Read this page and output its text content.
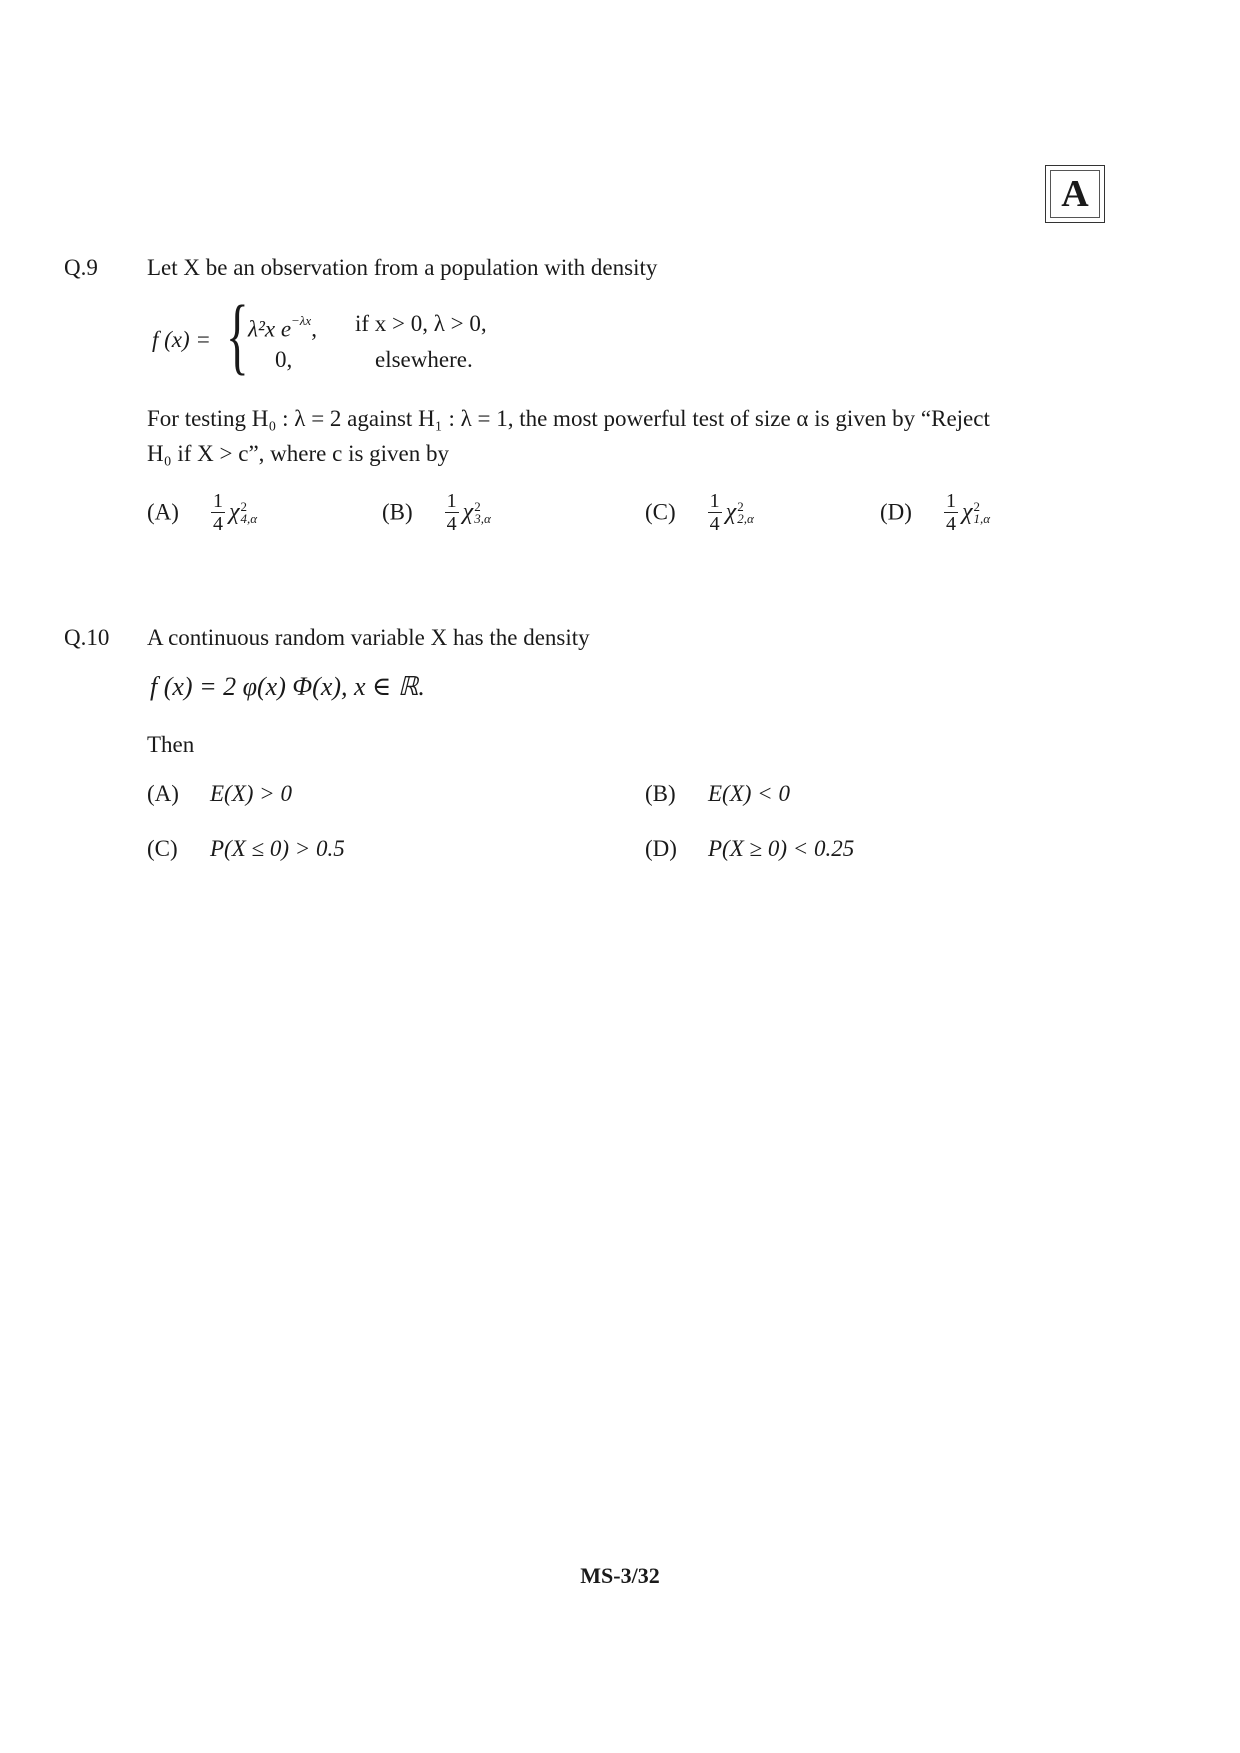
A
Q.9 Let X be an observation from a population with density
f (x) = { λ²x $e^{-\lambda x}$, if x > 0, λ > 0,
0,	elsewhere.
For testing H₀ : λ = 2 against H₁ : λ = 1, the most powerful test of size α is given by “Reject
H₀ if X > c”, where c is given by
$(A) \frac{1}{4}$ χ 2
4,α	$(B) \frac{1}{4}$ χ 2
3,α	$(C) \frac{1}{4}$ χ 2
2,α	$(D) \frac{1}{4}$ χ 2
1,α
Q.10 A continuous random variable X has the density
f (x) = 2 φ(x) Φ(x), x ∈ ℝ.
Then
(A) E(X) > 0	(B) E(X) < 0
(C) P(X ≤ 0) > 0.5	(D) P(X ≥ 0) < 0.25
MS-3/32
